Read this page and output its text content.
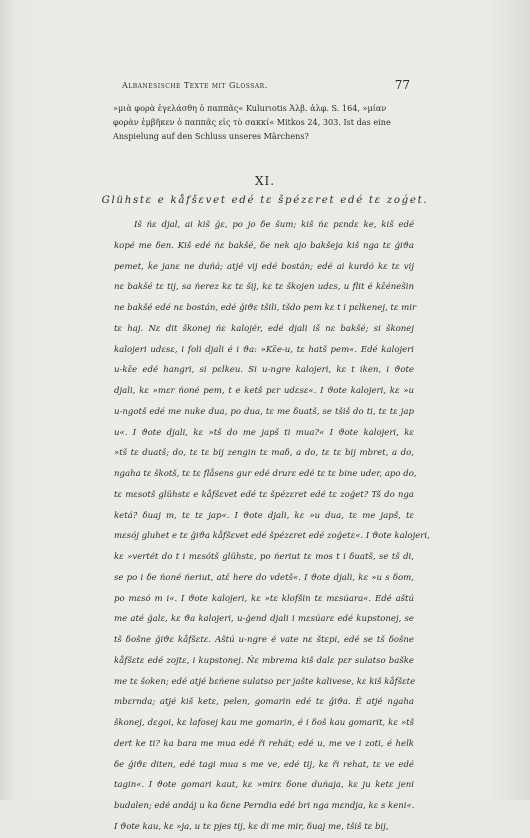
Albanesische Texte mit Glossar.	77
»μιὰ φορὰ ἐγελάσθη ὁ παππᾶς« Kulurιotis Ἀλβ. ἀλφ. S. 164, »μίαν
φορὰν ἐμβῆκεν ὁ παππᾶς εἰς τὸ σακκί« Mitkos 24, 303. Ist das eine
Anspielung auf den Schluss unseres Märchens?
XI.
Glühstε e kåfšεvet edé tε špézεret edé tε zoǵet.
Iš ńε djal, ai kiš ǵε, po jo δe šum; kiš ńε pεndε ke, kiš edé
kopé me δen. Kiš edé ńε bakšé, δe nek ajo bakšeja kiš nga tε ǵiϑa
pemet, ḱe janε ne duńá; atjé vij edé bostán; edé ai kurdó kε tε vij
nε bakšé tε tij, sa ńerez kε tε šij, kε tε škojen udεs, u flit é kε̄énešin
ne bakšé edé nε bostán, edé ǵiϑε tšili, tšdo pem kε t i pεlkenej, tε mir
tε haj. Nε dit škonej ńε kalojér, edé djali iš nε bakšé; si škonej
kalojeri udεsε, i foli djali é i ϑa: »Kε̄e-u, tε hatš pem«. Edé kalojeri
u-kε̄e edé hangri, si pεlkeu. Si u-ngre kalojeri, kε t iken, i ϑote
djali, kε »mεr ńoné pem, t e ketš pεr udεsε«. I ϑote kalojeri, kε »u
u-ngotš edé me nuke dua, po dua, tε me δuatš, se tšiš do ti, tε tε jap
u«. I ϑote djali, kε »tš do me japš ti mua?« I ϑote kalojeri, kε
»tš tε duatš; do, tε tε bij zengin tε maδ, a do, tε tε bij mbret, a do,
ngaha tε škotš, tε tε flåsens gur edé drurε edé tε tε bine uder, apo do,
tε mεsotš glühstε e kåfšεvet edé tε špézεret edé tε zoǵet? Tš do nga
ketá? δuaj m, tε tε jap«. I ϑote djali, kε »u dua, tε me japš, tε
mεsój gluhet e tε ǵiϑa kåfšεvet edé špézεret edé zoǵetε«. I ϑote kalojeri,
kε »vertét do t i mεsótš glühstε, po ńeriut tε mos t i δuatš, se tš di,
se po i δe ńoné ńeriut, atέ here do vdetš«. I ϑote djali, kε »u s δom,
po mεsó m i«. I ϑote kalojeri, kε »tε klofšin tε mεsúara«. Edé aštú
me até ǵalε, kε ϑa kalojeri, u-ǵend djali i mεsúarε edé kupstonej, se
tš δošne ǵiϑε kåfšεtε. Aštú u-ngre é vate nε štεpi, edé se tš δošne
kåfšεtε edé zojtε, i kupstonej. Ńε mbrema kiš dalε pεr sulatso baške
me tε šoken; edé atjé bεńene sulatso pεr jašte kalivese, kε kiš kåfšεte
mbεrnda; atjé kiš ketε, pelen, gomarin edé tε ǵiϑa. É atjé ngaha
škonej, dεgoi, kε lafosej kau me gomarin, é i δoš kau gomarit, kε »tš
dert ke ti? ka bara me mua edé ři rehát; edé u, me ve i zoti, é helk
δe ǵiϑε diten, edé tagi mua s me ve, edé tij, kε ři rehat, tε ve edé
tagin«. I ϑote gomari kaut, kε »mirε δone duńaja, kε ju ketε jeni
budalen; edé andáj u ka δεne Perndia edé bri nga mεndja, kε s keni«.
I ϑote kau, kε »ja, u tε pjes tij, kε di me mir, δuaj me, tšiš tε bij,
